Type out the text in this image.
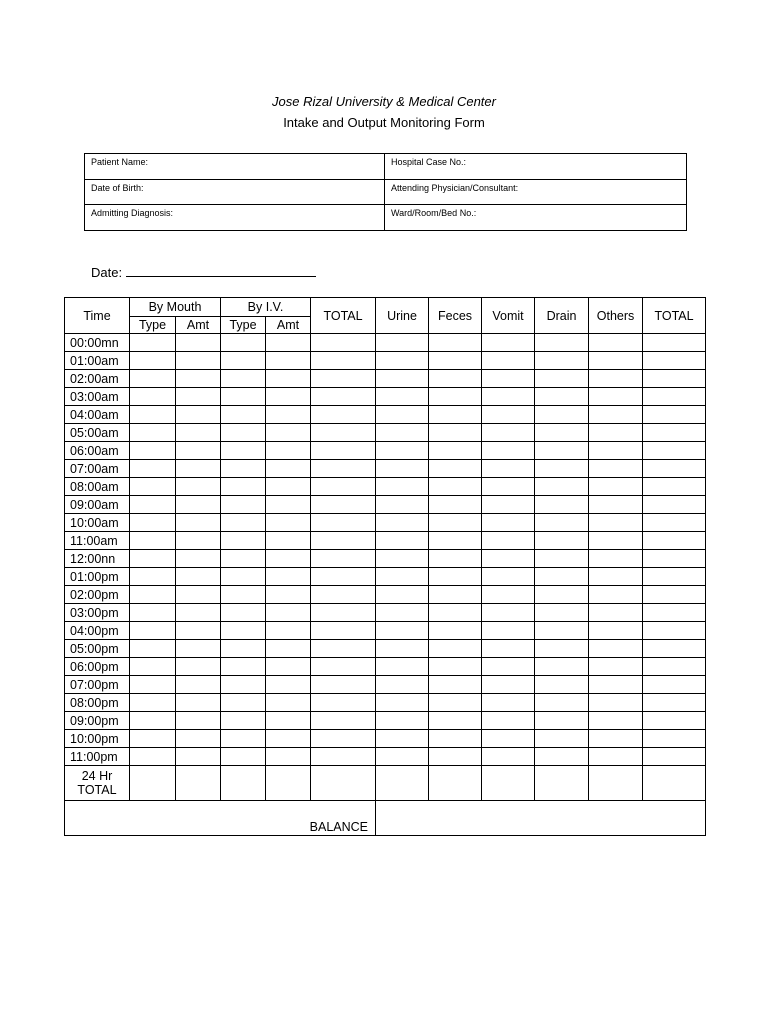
Jose Rizal University & Medical Center
Intake and Output Monitoring Form
Patient Name:	Hospital Case No.:
Date of Birth:	Attending Physician/Consultant:
Admitting Diagnosis:	Ward/Room/Bed No.:
Date:
Time	By Mouth		By I.V.		TOTAL	Urine	Feces	Vomit	Drain	Others	TOTAL
	Type	Amt	Type	Amt							
00:00mn											
01:00am											
02:00am											
03:00am											
04:00am											
05:00am											
06:00am											
07:00am											
08:00am											
09:00am											
10:00am											
11:00am											
12:00nn											
01:00pm											
02:00pm											
03:00pm											
04:00pm											
05:00pm											
06:00pm											
07:00pm											
08:00pm											
09:00pm											
10:00pm											
11:00pm											

24 Hr
TOTAL											

BALANCE											
